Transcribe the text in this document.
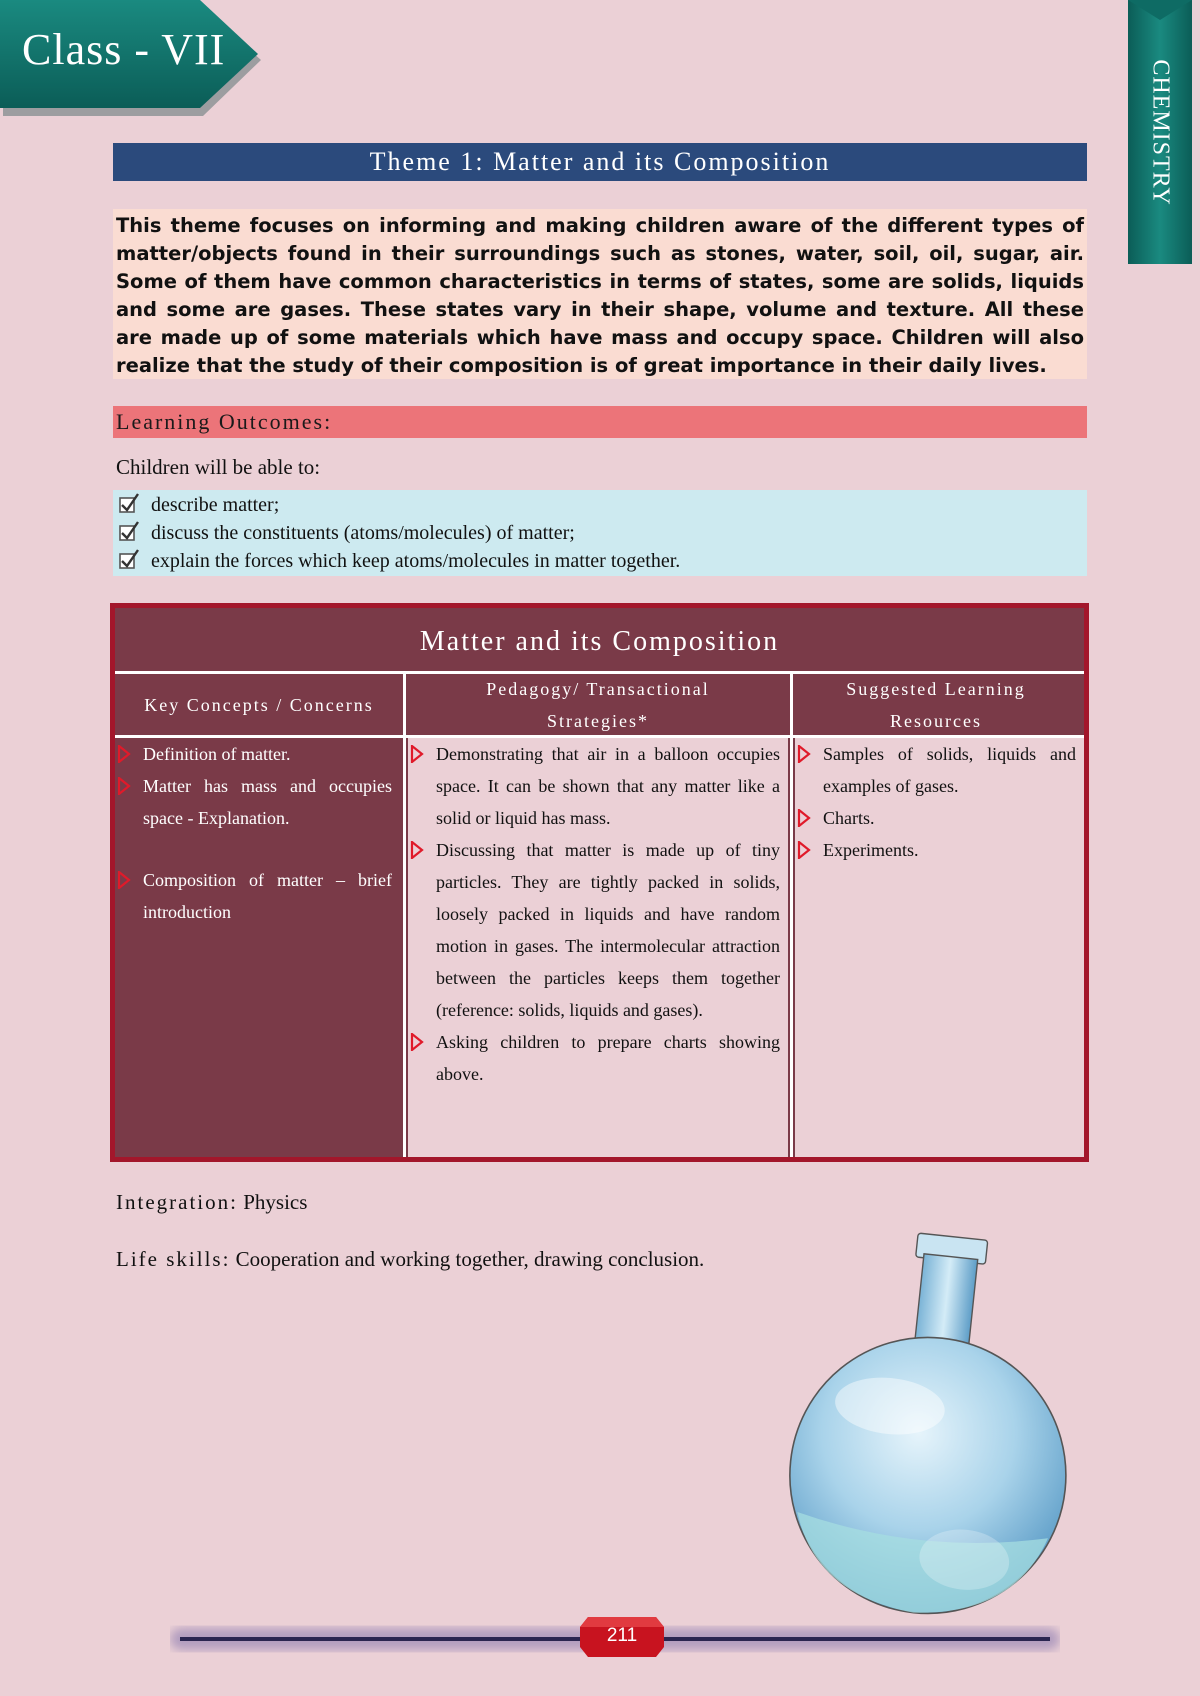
Class - VII
CHEMISTRY
Theme 1: Matter and its Composition
This theme focuses on informing and making children aware of the different types of matter/objects found in their surroundings such as stones, water, soil, oil, sugar, air. Some of them have common characteristics in terms of states, some are solids, liquids and some are gases. These states vary in their shape, volume and texture. All these are made up of some materials which have mass and occupy space. Children will also realize that the study of their composition is of great importance in their daily lives.
Learning Outcomes:
Children will be able to:
describe matter;
discuss the constituents (atoms/molecules) of matter;
explain the forces which keep atoms/molecules in matter together.
Matter and its Composition
Key Concepts / Concerns
Pedagogy/ Transactional Strategies*
Suggested Learning Resources
Definition of matter.
Matter has mass and occupies space - Explanation.
Composition of matter – brief introduction
Demonstrating that air in a balloon occupies space. It can be shown that any matter like a solid or liquid has mass.
Discussing that matter is made up of tiny particles. They are tightly packed in solids, loosely packed in liquids and have random motion in gases. The intermolecular attraction between the particles keeps them together (reference: solids, liquids and gases).
Asking children to prepare charts showing above.
Samples of solids, liquids and examples of gases.
Charts.
Experiments.
Integration: Physics
Life skills: Cooperation and working together, drawing conclusion.
211
